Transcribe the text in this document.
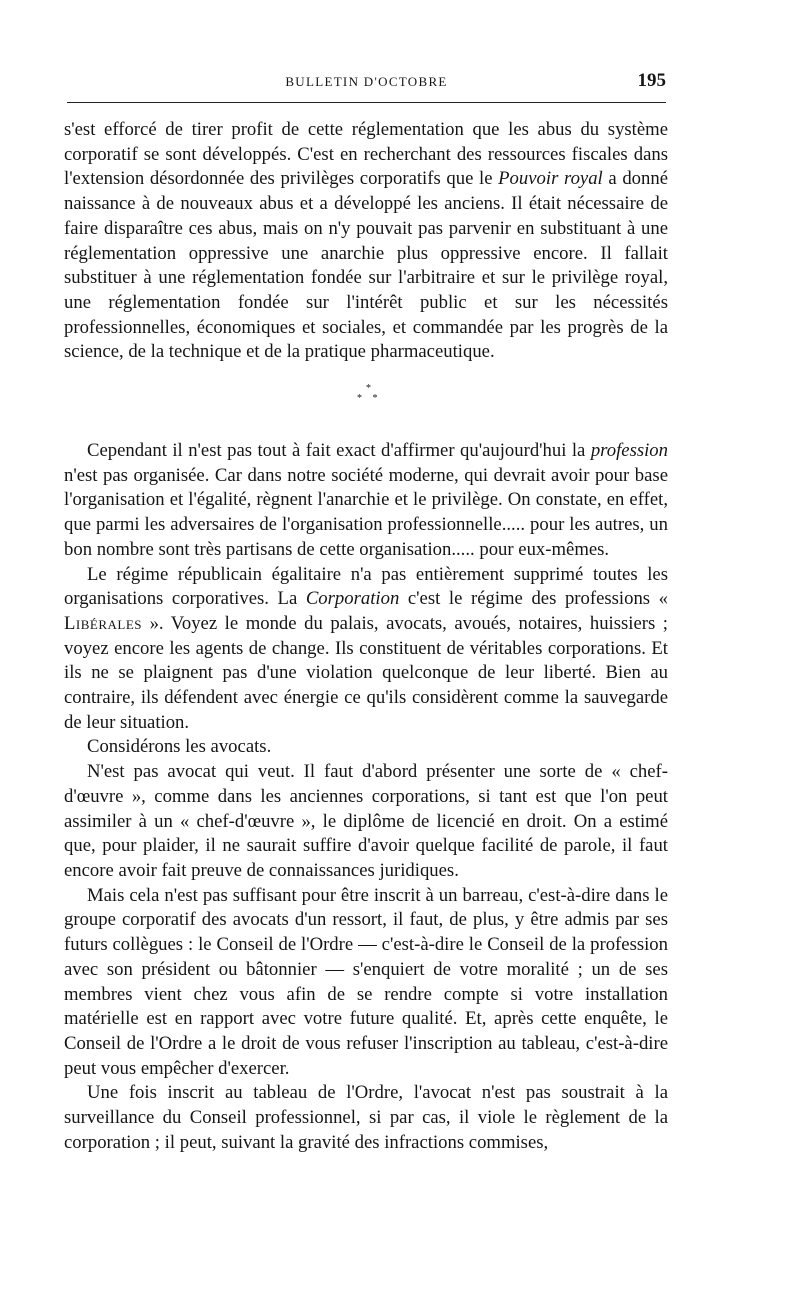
BULLETIN D'OCTOBRE	195

s'est efforcé de tirer profit de cette réglementation que les abus du système corporatif se sont développés. C'est en recherchant des ressources fiscales dans l'extension désordonnée des privilèges corporatifs que le Pouvoir royal a donné naissance à de nouveaux abus et a développé les anciens. Il était nécessaire de faire disparaître ces abus, mais on n'y pouvait pas parvenir en substituant à une réglementation oppressive une anarchie plus oppressive encore. Il fallait substituer à une réglementation fondée sur l'arbitraire et sur le privilège royal, une réglementation fondée sur l'intérêt public et sur les nécessités professionnelles, économiques et sociales, et commandée par les progrès de la science, de la technique et de la pratique pharmaceutique.

*
* *

Cependant il n'est pas tout à fait exact d'affirmer qu'aujourd'hui la profession n'est pas organisée. Car dans notre société moderne, qui devrait avoir pour base l'organisation et l'égalité, règnent l'anarchie et le privilège. On constate, en effet, que parmi les adversaires de l'organisation professionnelle..... pour les autres, un bon nombre sont très partisans de cette organisation..... pour eux-mêmes.

Le régime républicain égalitaire n'a pas entièrement supprimé toutes les organisations corporatives. La Corporation c'est le régime des professions « Libérales ». Voyez le monde du palais, avocats, avoués, notaires, huissiers ; voyez encore les agents de change. Ils constituent de véritables corporations. Et ils ne se plaignent pas d'une violation quelconque de leur liberté. Bien au contraire, ils défendent avec énergie ce qu'ils considèrent comme la sauvegarde de leur situation.

Considérons les avocats.

N'est pas avocat qui veut. Il faut d'abord présenter une sorte de « chef-d'œuvre », comme dans les anciennes corporations, si tant est que l'on peut assimiler à un « chef-d'œuvre », le diplôme de licencié en droit. On a estimé que, pour plaider, il ne saurait suffire d'avoir quelque facilité de parole, il faut encore avoir fait preuve de connaissances juridiques.

Mais cela n'est pas suffisant pour être inscrit à un barreau, c'est-à-dire dans le groupe corporatif des avocats d'un ressort, il faut, de plus, y être admis par ses futurs collègues : le Conseil de l'Ordre — c'est-à-dire le Conseil de la profession avec son président ou bâtonnier — s'enquiert de votre moralité ; un de ses membres vient chez vous afin de se rendre compte si votre installation matérielle est en rapport avec votre future qualité. Et, après cette enquête, le Conseil de l'Ordre a le droit de vous refuser l'inscription au tableau, c'est-à-dire peut vous empêcher d'exercer.

Une fois inscrit au tableau de l'Ordre, l'avocat n'est pas soustrait à la surveillance du Conseil professionnel, si par cas, il viole le règlement de la corporation ; il peut, suivant la gravité des infractions commises,
